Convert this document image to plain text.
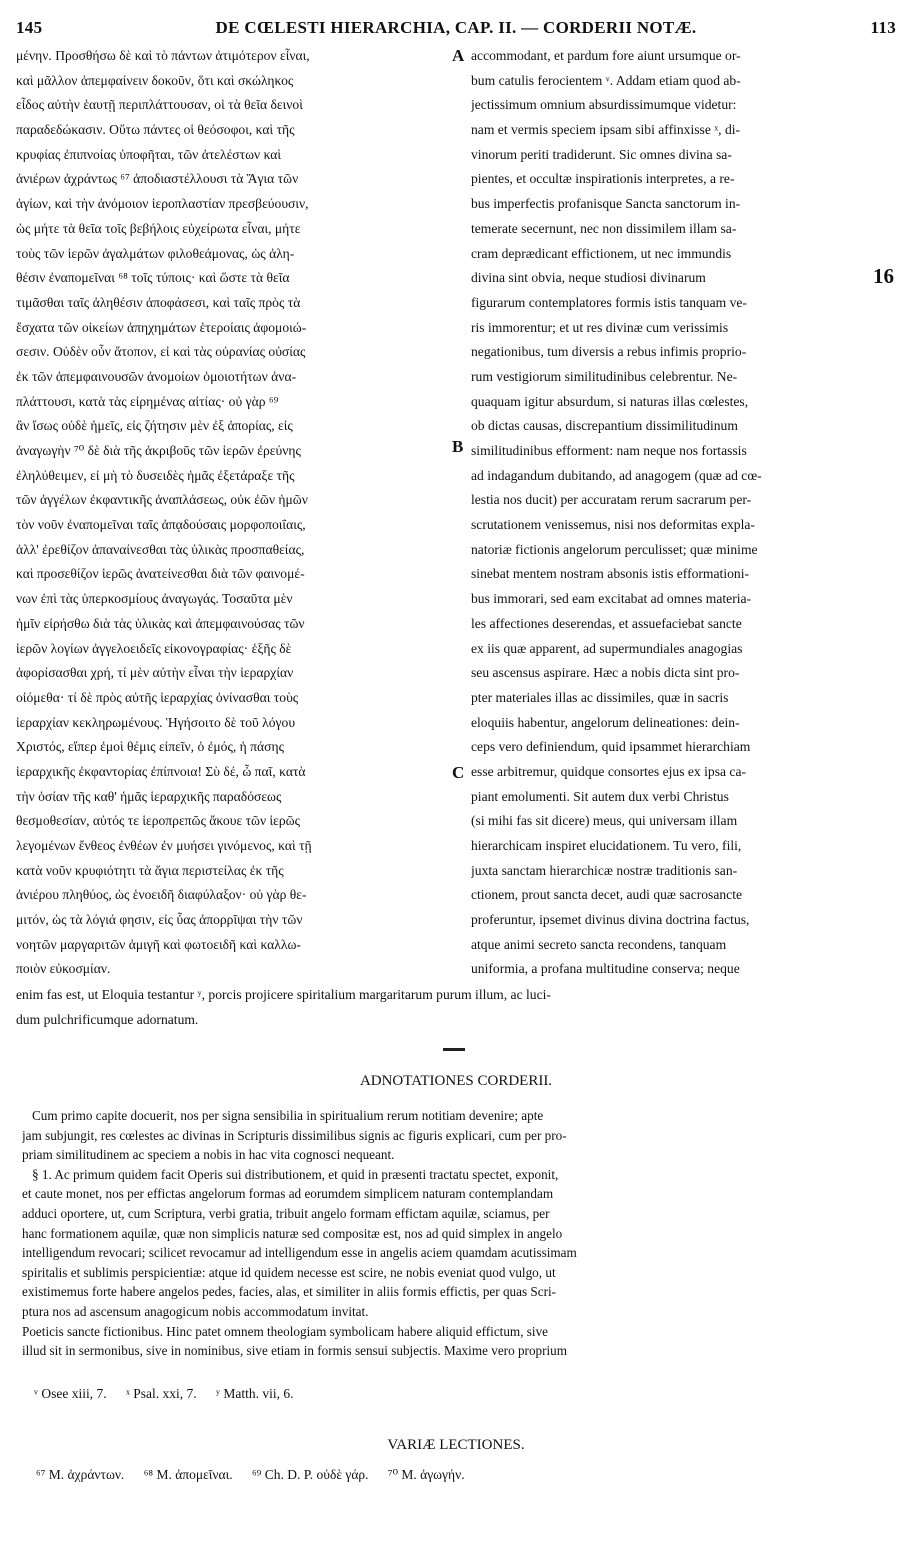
145	DE CŒLESTI HIERARCHIA, CAP. II. — CORDERII NOTÆ.	113
μένην. Προσθήσω δὲ καὶ τὸ πάντων ἀτιμότερον εἶναι,
καὶ μᾶλλον ἀπεμφαίνειν δοκοῦν, ὅτι καὶ σκώληκος
εἶδος αὐτὴν ἑαυτῇ περιπλάττουσαν, οἱ τὰ θεῖα δεινοὶ
παραδεδώκασιν. Οὕτω πάντες οἱ θεόσοφοι, καὶ τῆς
κρυφίας ἐπιπνοίας ὑποφῆται, τῶν ἀτελέστων καὶ
ἀνιέρων ἀχράντως ⁶⁷ ἀποδιαστέλλουσι τὰ Ἅγια τῶν
ἁγίων, καὶ τὴν ἀνόμοιον ἱεροπλαστίαν πρεσβεύουσιν,
ὡς μήτε τὰ θεῖα τοῖς βεβήλοις εὐχείρωτα εἶναι, μήτε
τοὺς τῶν ἱερῶν ἀγαλμάτων φιλοθεάμονας, ὡς ἀλη-
θέσιν ἐναπομεῖναι ⁶⁸ τοῖς τύποις· καὶ ὥστε τὰ θεῖα
τιμᾶσθαι ταῖς ἀληθέσιν ἀποφάσεσι, καὶ ταῖς πρὸς τὰ
ἔσχατα τῶν οἰκείων ἀπηχημάτων ἑτεροίαις ἀφομοιώ-
σεσιν. Οὐδὲν οὖν ἄτοπον, εἰ καὶ τὰς οὐρανίας οὐσίας
ἐκ τῶν ἀπεμφαινουσῶν ἀνομοίων ὁμοιοτήτων ἀνα-
πλάττουσι, κατὰ τὰς εἰρημένας αἰτίας· οὐ γὰρ ⁶⁹
ἂν ἴσως οὐδὲ ἡμεῖς, εἰς ζήτησιν μὲν ἐξ ἀπορίας, εἰς
ἀναγωγὴν ⁷⁰ δὲ διὰ τῆς ἀκριβοῦς τῶν ἱερῶν ἐρεύνης
ἐληλύθειμεν, εἰ μὴ τὸ δυσειδὲς ἡμᾶς ἐξετάραξε τῆς
τῶν ἀγγέλων ἐκφαντικῆς ἀναπλάσεως, οὐκ ἐῶν ἡμῶν
τὸν νοῦν ἐναπομεῖναι ταῖς ἀπᾳδούσαις μορφοποιΐαις,
ἀλλ' ἐρεθίζον ἀπαναίνεσθαι τὰς ὑλικὰς προσπαθείας,
καὶ προσεθίζον ἱερῶς ἀνατείνεσθαι διὰ τῶν φαινομέ-
νων ἐπὶ τὰς ὑπερκοσμίους ἀναγωγάς. Τοσαῦτα μὲν
ἡμῖν εἰρήσθω διὰ τὰς ὑλικὰς καὶ ἀπεμφαινούσας τῶν
ἱερῶν λογίων ἀγγελοειδεῖς εἰκονογραφίας· ἑξῆς δὲ
ἀφορίσασθαι χρή, τί μὲν αὐτὴν εἶναι τὴν ἱεραρχίαν
οἰόμεθα· τί δὲ πρὸς αὐτῆς ἱεραρχίας ὀνίνασθαι τοὺς
ἱεραρχίαν κεκληρωμένους. Ἡγήσοιτο δὲ τοῦ λόγου
Χριστός, εἴπερ ἐμοὶ θέμις εἰπεῖν, ὁ ἐμός, ἡ πάσης
ἱεραρχικῆς ἐκφαντορίας ἐπίπνοια! Σὺ δέ, ὦ παῖ, κατὰ
τὴν ὁσίαν τῆς καθ' ἡμᾶς ἱεραρχικῆς παραδόσεως
θεσμοθεσίαν, αὐτός τε ἱεροπρεπῶς ἄκουε τῶν ἱερῶς
λεγομένων ἔνθεος ἐνθέων ἐν μυήσει γινόμενος, καὶ τῇ
κατὰ νοῦν κρυφιότητι τὰ ἅγια περιστείλας ἐκ τῆς
ἀνιέρου πληθύος, ὡς ἑνοειδῆ διαφύλαξον· οὐ γὰρ θε-
μιτόν, ὡς τὰ λόγιά φησιν, εἰς ὗας ἀπορρῖψαι τὴν τῶν
νοητῶν μαργαριτῶν ἀμιγῆ καὶ φωτοειδῆ καὶ καλλω-
ποιὸν εὐκοσμίαν.
accommodant, et pardum fore aiunt ursumque or-
bum catulis ferocientem ᵛ. Addam etiam quod ab-
jectissimum omnium absurdissimumque videtur:
nam et vermis speciem ipsam sibi affinxisse ˣ, di-
vinorum periti tradiderunt. Sic omnes divina sa-
pientes, et occultæ inspirationis interpretes, a re-
bus imperfectis profanisque Sancta sanctorum in-
temerate secernunt, nec non dissimilem illam sa-
cram deprædicant effictionem, ut nec immundis
divina sint obvia, neque studiosi divinarum
figurarum contemplatores formis istis tanquam ve-
ris immorentur; et ut res divinæ cum verissimis
negationibus, tum diversis a rebus infimis proprio-
rum vestigiorum similitudinibus celebrentur. Ne-
quaquam igitur absurdum, si naturas illas cœlestes,
ob dictas causas, discrepantium dissimilitudinum
similitudinibus efforment: nam neque nos fortassis
ad indagandum dubitando, ad anagogem (quæ ad cœ-
lestia nos ducit) per accuratam rerum sacrarum per-
scrutationem venissemus, nisi nos deformitas expla-
natoriæ fictionis angelorum perculisset; quæ minime
sinebat mentem nostram absonis istis efformationi-
bus immorari, sed eam excitabat ad omnes materia-
les affectiones deserendas, et assuefaciebat sancte
ex iis quæ apparent, ad supermundiales anagogias
seu ascensus aspirare. Hæc a nobis dicta sint pro-
pter materiales illas ac dissimiles, quæ in sacris
eloquiis habentur, angelorum delineationes: dein-
ceps vero definiendum, quid ipsammet hierarchiam
esse arbitremur, quidque consortes ejus ex ipsa ca-
piant emolumenti. Sit autem dux verbi Christus
(si mihi fas sit dicere) meus, qui universam illam
hierarchicam inspiret elucidationem. Tu vero, fili,
juxta sanctam hierarchicæ nostræ traditionis san-
ctionem, prout sancta decet, audi quæ sacrosancte
proferuntur, ipsemet divinus divina doctrina factus,
atque animi secreto sancta recondens, tanquam
uniformia, a profana multitudine conserva; neque
A
B
C
16
enim fas est, ut Eloquia testantur ʸ, porcis projicere spiritalium margaritarum purum illum, ac luci-
dum pulchrificumque adornatum.
ADNOTATIONES CORDERII.
Cum primo capite docuerit, nos per signa sensibilia in spiritualium rerum notitiam devenire; apte
jam subjungit, res cœlestes ac divinas in Scripturis dissimilibus signis ac figuris explicari, cum per pro-
priam similitudinem ac speciem a nobis in hac vita cognosci nequeant.
§ 1. Ac primum quidem facit Operis sui distributionem, et quid in præsenti tractatu spectet, exponit,
et caute monet, nos per effictas angelorum formas ad eorumdem simplicem naturam contemplandam
adduci oportere, ut, cum Scriptura, verbi gratia, tribuit angelo formam effictam aquilæ, sciamus, per
hanc formationem aquilæ, quæ non simplicis naturæ sed compositæ est, nos ad quid simplex in angelo
intelligendum revocari; scilicet revocamur ad intelligendum esse in angelis aciem quamdam acutissimam
spiritalis et sublimis perspicientiæ: atque id quidem necesse est scire, ne nobis eveniat quod vulgo, ut
existimemus forte habere angelos pedes, facies, alas, et similiter in aliis formis effictis, per quas Scri-
ptura nos ad ascensum anagogicum nobis accommodatum invitat.
Poeticis sancte fictionibus. Hinc patet omnem theologiam symbolicam habere aliquid effictum, sive
illud sit in sermonibus, sive in nominibus, sive etiam in formis sensui subjectis. Maxime vero proprium
ᵛ Osee xiii, 7. ˣ Psal. xxi, 7. ʸ Matth. vii, 6.
VARIÆ LECTIONES.
⁶⁷ M. ἀχράντων. ⁶⁸ M. ἀπομεῖναι. ⁶⁹ Ch. D. P. οὐδὲ γάρ. ⁷⁰ M. ἀγωγήν.
